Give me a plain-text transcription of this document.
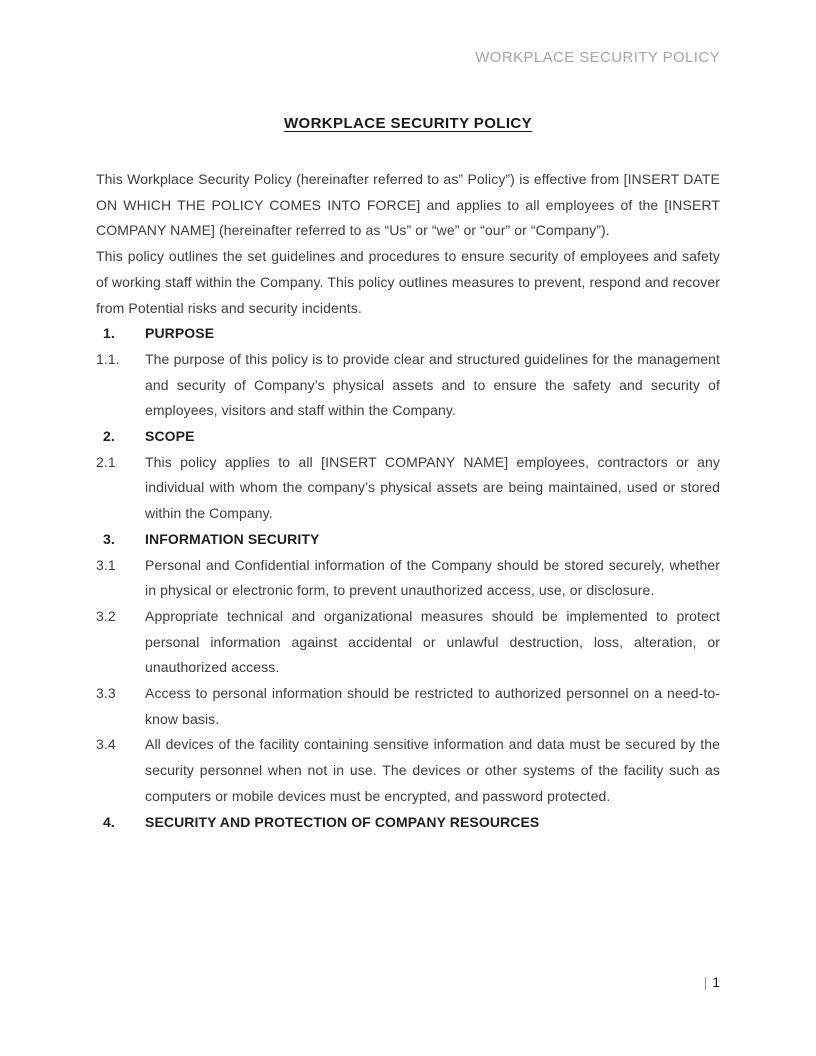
WORKPLACE SECURITY POLICY
WORKPLACE SECURITY POLICY

This Workplace Security Policy (hereinafter referred to as” Policy”) is effective from [INSERT DATE ON WHICH THE POLICY COMES INTO FORCE] and applies to all employees of the [INSERT COMPANY NAME] (hereinafter referred to as “Us” or “we” or “our” or “Company”).

This policy outlines the set guidelines and procedures to ensure security of employees and safety of working staff within the Company. This policy outlines measures to prevent, respond and recover from Potential risks and security incidents.

1.	PURPOSE
1.1.	The purpose of this policy is to provide clear and structured guidelines for the management and security of Company’s physical assets and to ensure the safety and security of employees, visitors and staff within the Company.
2.	SCOPE
2.1	This policy applies to all [INSERT COMPANY NAME] employees, contractors or any individual with whom the company’s physical assets are being maintained, used or stored within the Company.
3.	INFORMATION SECURITY
3.1	Personal and Confidential information of the Company should be stored securely, whether in physical or electronic form, to prevent unauthorized access, use, or disclosure.
3.2	Appropriate technical and organizational measures should be implemented to protect personal information against accidental or unlawful destruction, loss, alteration, or unauthorized access.
3.3	Access to personal information should be restricted to authorized personnel on a need-to-know basis.
3.4	All devices of the facility containing sensitive information and data must be secured by the security personnel when not in use. The devices or other systems of the facility such as computers or mobile devices must be encrypted, and password protected.
4.	SECURITY AND PROTECTION OF COMPANY RESOURCES
| 1
